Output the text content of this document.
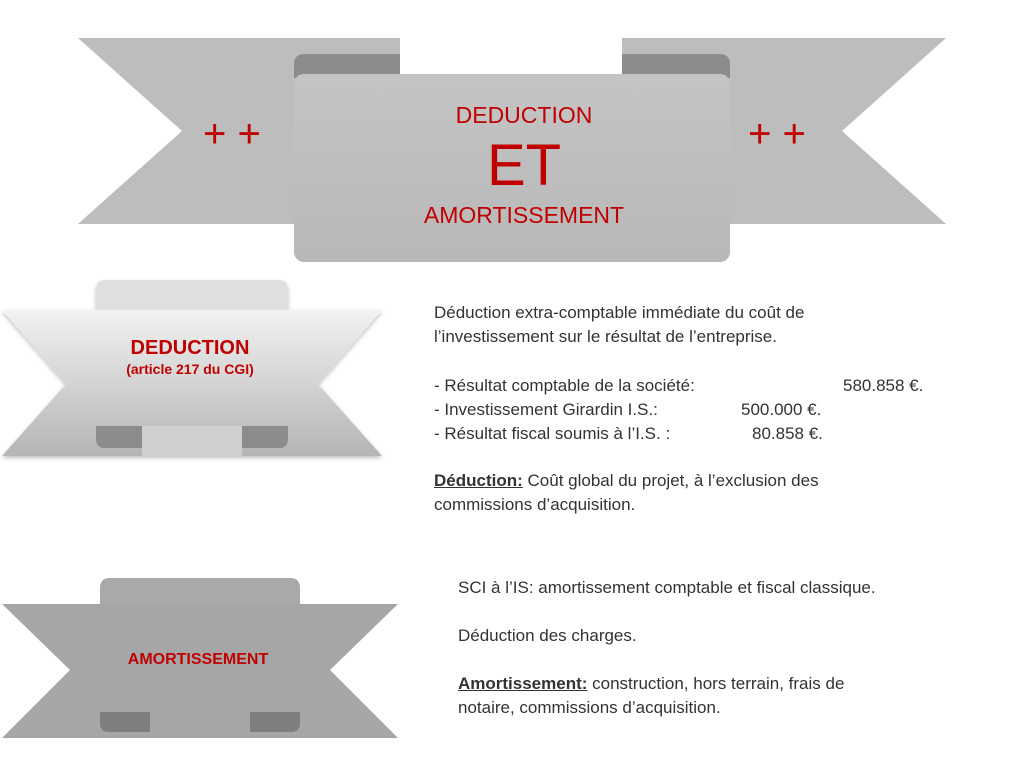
+ +	+ +
DEDUCTION
ET
AMORTISSEMENT
DEDUCTION
(article 217 du CGI)
AMORTISSEMENT
Déduction extra-comptable immédiate du coût de
l’investissement sur le résultat de l’entreprise.
- Résultat comptable de la société:	580.858 €.
- Investissement Girardin I.S.:	500.000 €.
- Résultat fiscal soumis à l’I.S. :	80.858 €.
Déduction: Coût global du projet, à l’exclusion des
commissions d’acquisition.
SCI à l’IS: amortissement comptable et fiscal classique.
Déduction des charges.
Amortissement: construction, hors terrain, frais de
notaire, commissions d’acquisition.
